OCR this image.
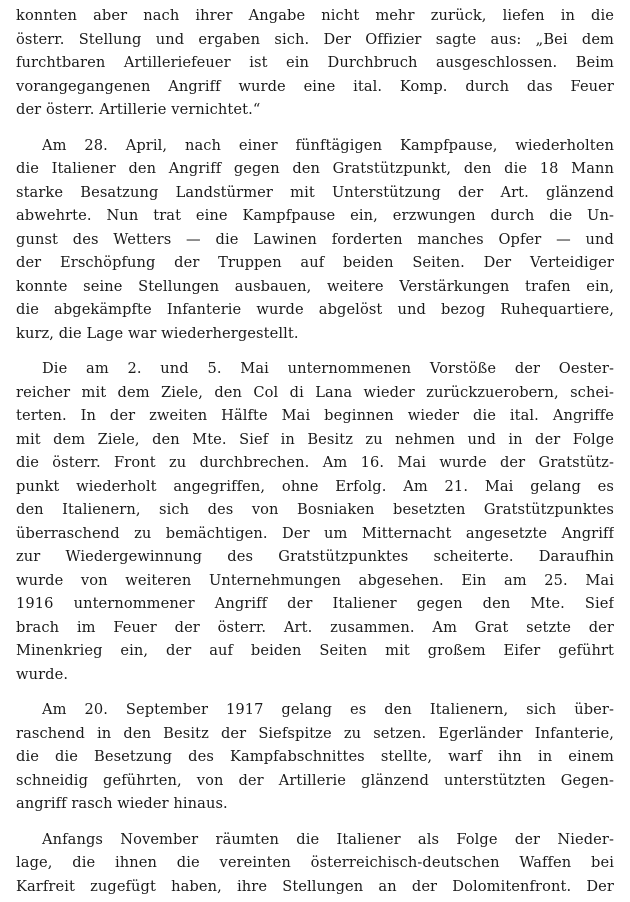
konnten aber nach ihrer Angabe nicht mehr zurück, liefen in die
österr. Stellung und ergaben sich. Der Offizier sagte aus: „Bei dem
furchtbaren Artilleriefeuer ist ein Durchbruch ausgeschlossen. Beim
vorangegangenen Angriff wurde eine ital. Komp. durch das Feuer
der österr. Artillerie vernichtet.“

Am 28. April, nach einer fünftägigen Kampfpause, wiederholten
die Italiener den Angriff gegen den Gratstützpunkt, den die 18 Mann
starke Besatzung Landstürmer mit Unterstützung der Art. glänzend
abwehrte. Nun trat eine Kampfpause ein, erzwungen durch die Un-
gunst des Wetters — die Lawinen forderten manches Opfer — und
der Erschöpfung der Truppen auf beiden Seiten. Der Verteidiger
konnte seine Stellungen ausbauen, weitere Verstärkungen trafen ein,
die abgekämpfte Infanterie wurde abgelöst und bezog Ruhequartiere,
kurz, die Lage war wiederhergestellt.

Die am 2. und 5. Mai unternommenen Vorstöße der Oester-
reicher mit dem Ziele, den Col di Lana wieder zurückzuerobern, schei-
terten. In der zweiten Hälfte Mai beginnen wieder die ital. Angriffe
mit dem Ziele, den Mte. Sief in Besitz zu nehmen und in der Folge
die österr. Front zu durchbrechen. Am 16. Mai wurde der Gratstütz-
punkt wiederholt angegriffen, ohne Erfolg. Am 21. Mai gelang es
den Italienern, sich des von Bosniaken besetzten Gratstützpunktes
überraschend zu bemächtigen. Der um Mitternacht angesetzte Angriff
zur Wiedergewinnung des Gratstützpunktes scheiterte. Daraufhin
wurde von weiteren Unternehmungen abgesehen. Ein am 25. Mai
1916 unternommener Angriff der Italiener gegen den Mte. Sief
brach im Feuer der österr. Art. zusammen. Am Grat setzte der
Minenkrieg ein, der auf beiden Seiten mit großem Eifer geführt
wurde.

Am 20. September 1917 gelang es den Italienern, sich über-
raschend in den Besitz der Siefspitze zu setzen. Egerländer Infanterie,
die die Besetzung des Kampfabschnittes stellte, warf ihn in einem
schneidig geführten, von der Artillerie glänzend unterstützten Gegen-
angriff rasch wieder hinaus.

Anfangs November räumten die Italiener als Folge der Nieder-
lage, die ihnen die vereinten österreichisch-deutschen Waffen bei
Karfreit zugefügt haben, ihre Stellungen an der Dolomitenfront. Der
